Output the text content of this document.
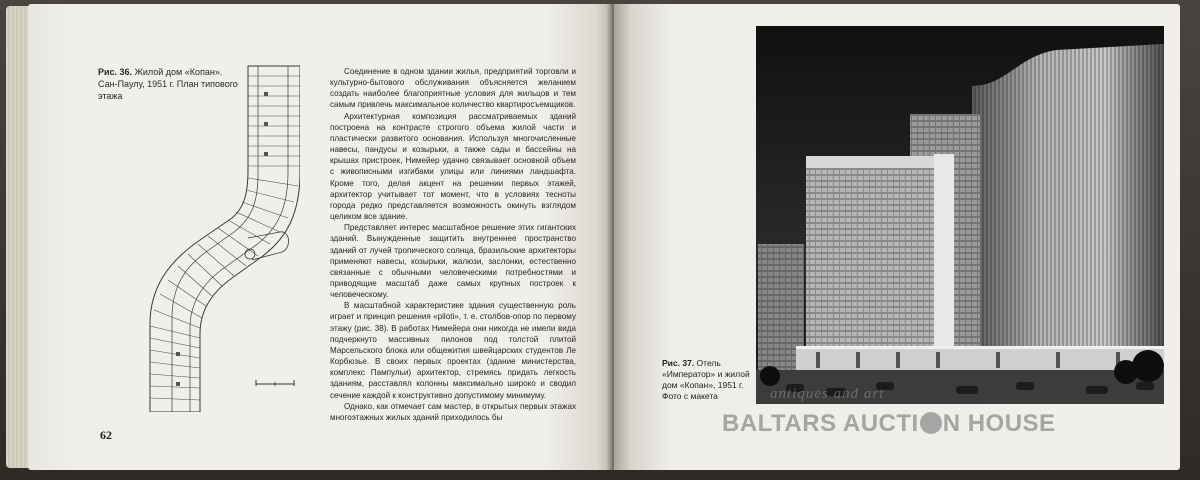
Рис. 36. Жилой дом «Копан». Сан-Паулу, 1951 г. План типового этажа

Соединение в одном здании жилья, предприятий торговли и культурно-бытового обслуживания объясняется желанием создать наиболее благоприятные условия для жильцов и тем самым привлечь максимальное количество квартиросъемщиков.

Архитектурная композиция рассматриваемых зданий построена на контрасте строгого объема жилой части и пластически развитого основания. Используя многочисленные навесы, пандусы и козырьки, а также сады и бассейны на крышах пристроек, Нимейер удачно связывает основной объем с живописными изгибами улицы или линиями ландшафта. Кроме того, делая акцент на решении первых этажей, архитектор учитывает тот момент, что в условиях тесноты города редко представляется возможность окинуть взглядом целиком все здание.

Представляет интерес масштабное решение этих гигантских зданий. Вынужденные защитить внутреннее пространство зданий от лучей тропического солнца, бразильские архитекторы применяют навесы, козырьки, жалюзи, заслонки, естественно связанные с обычными человеческими потребностями и приводящие масштаб даже самых крупных построек к человеческому.

В масштабной характеристике здания существенную роль играет и принцип решения «piloti», т. е. столбов-опор по первому этажу (рис. 38). В работах Нимейера они никогда не имели вида подчеркнуто массивных пилонов под толстой плитой Марсельского блока или общежития швейцарских студентов Ле Корбюзье. В своих первых проектах (здание министерства, комплекс Пампульи) архитектор, стремясь придать легкость зданиям, расставлял колонны максимально широко и сводил сечение каждой к конструктивно допустимому минимуму.

Однако, как отмечает сам мастер, в открытых первых этажах многоэтажных жилых зданий приходилось бы

62
Рис. 37. Отель «Император» и жилой дом «Копан», 1951 г. Фото с макета	antiques and art
BALTARS AUCTI N HOUSE
